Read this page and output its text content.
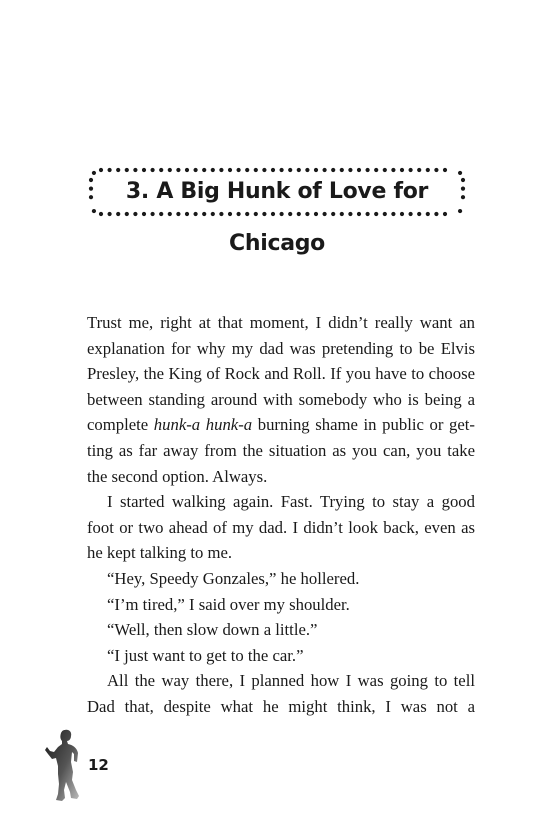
3. A Big Hunk of Love for Chicago

Trust me, right at that moment, I didn’t really want an explanation for why my dad was pretending to be Elvis Presley, the King of Rock and Roll. If you have to choose between standing around with somebody who is being a complete hunk-a hunk-a burning shame in public or getting as far away from the situation as you can, you take the second option. Always.

I started walking again. Fast. Trying to stay a good foot or two ahead of my dad. I didn’t look back, even as he kept talking to me.

“Hey, Speedy Gonzales,” he hollered.

“I’m tired,” I said over my shoulder.

“Well, then slow down a little.”

“I just want to get to the car.”

All the way there, I planned how I was going to tell Dad that, despite what he might think, I was not a

12
